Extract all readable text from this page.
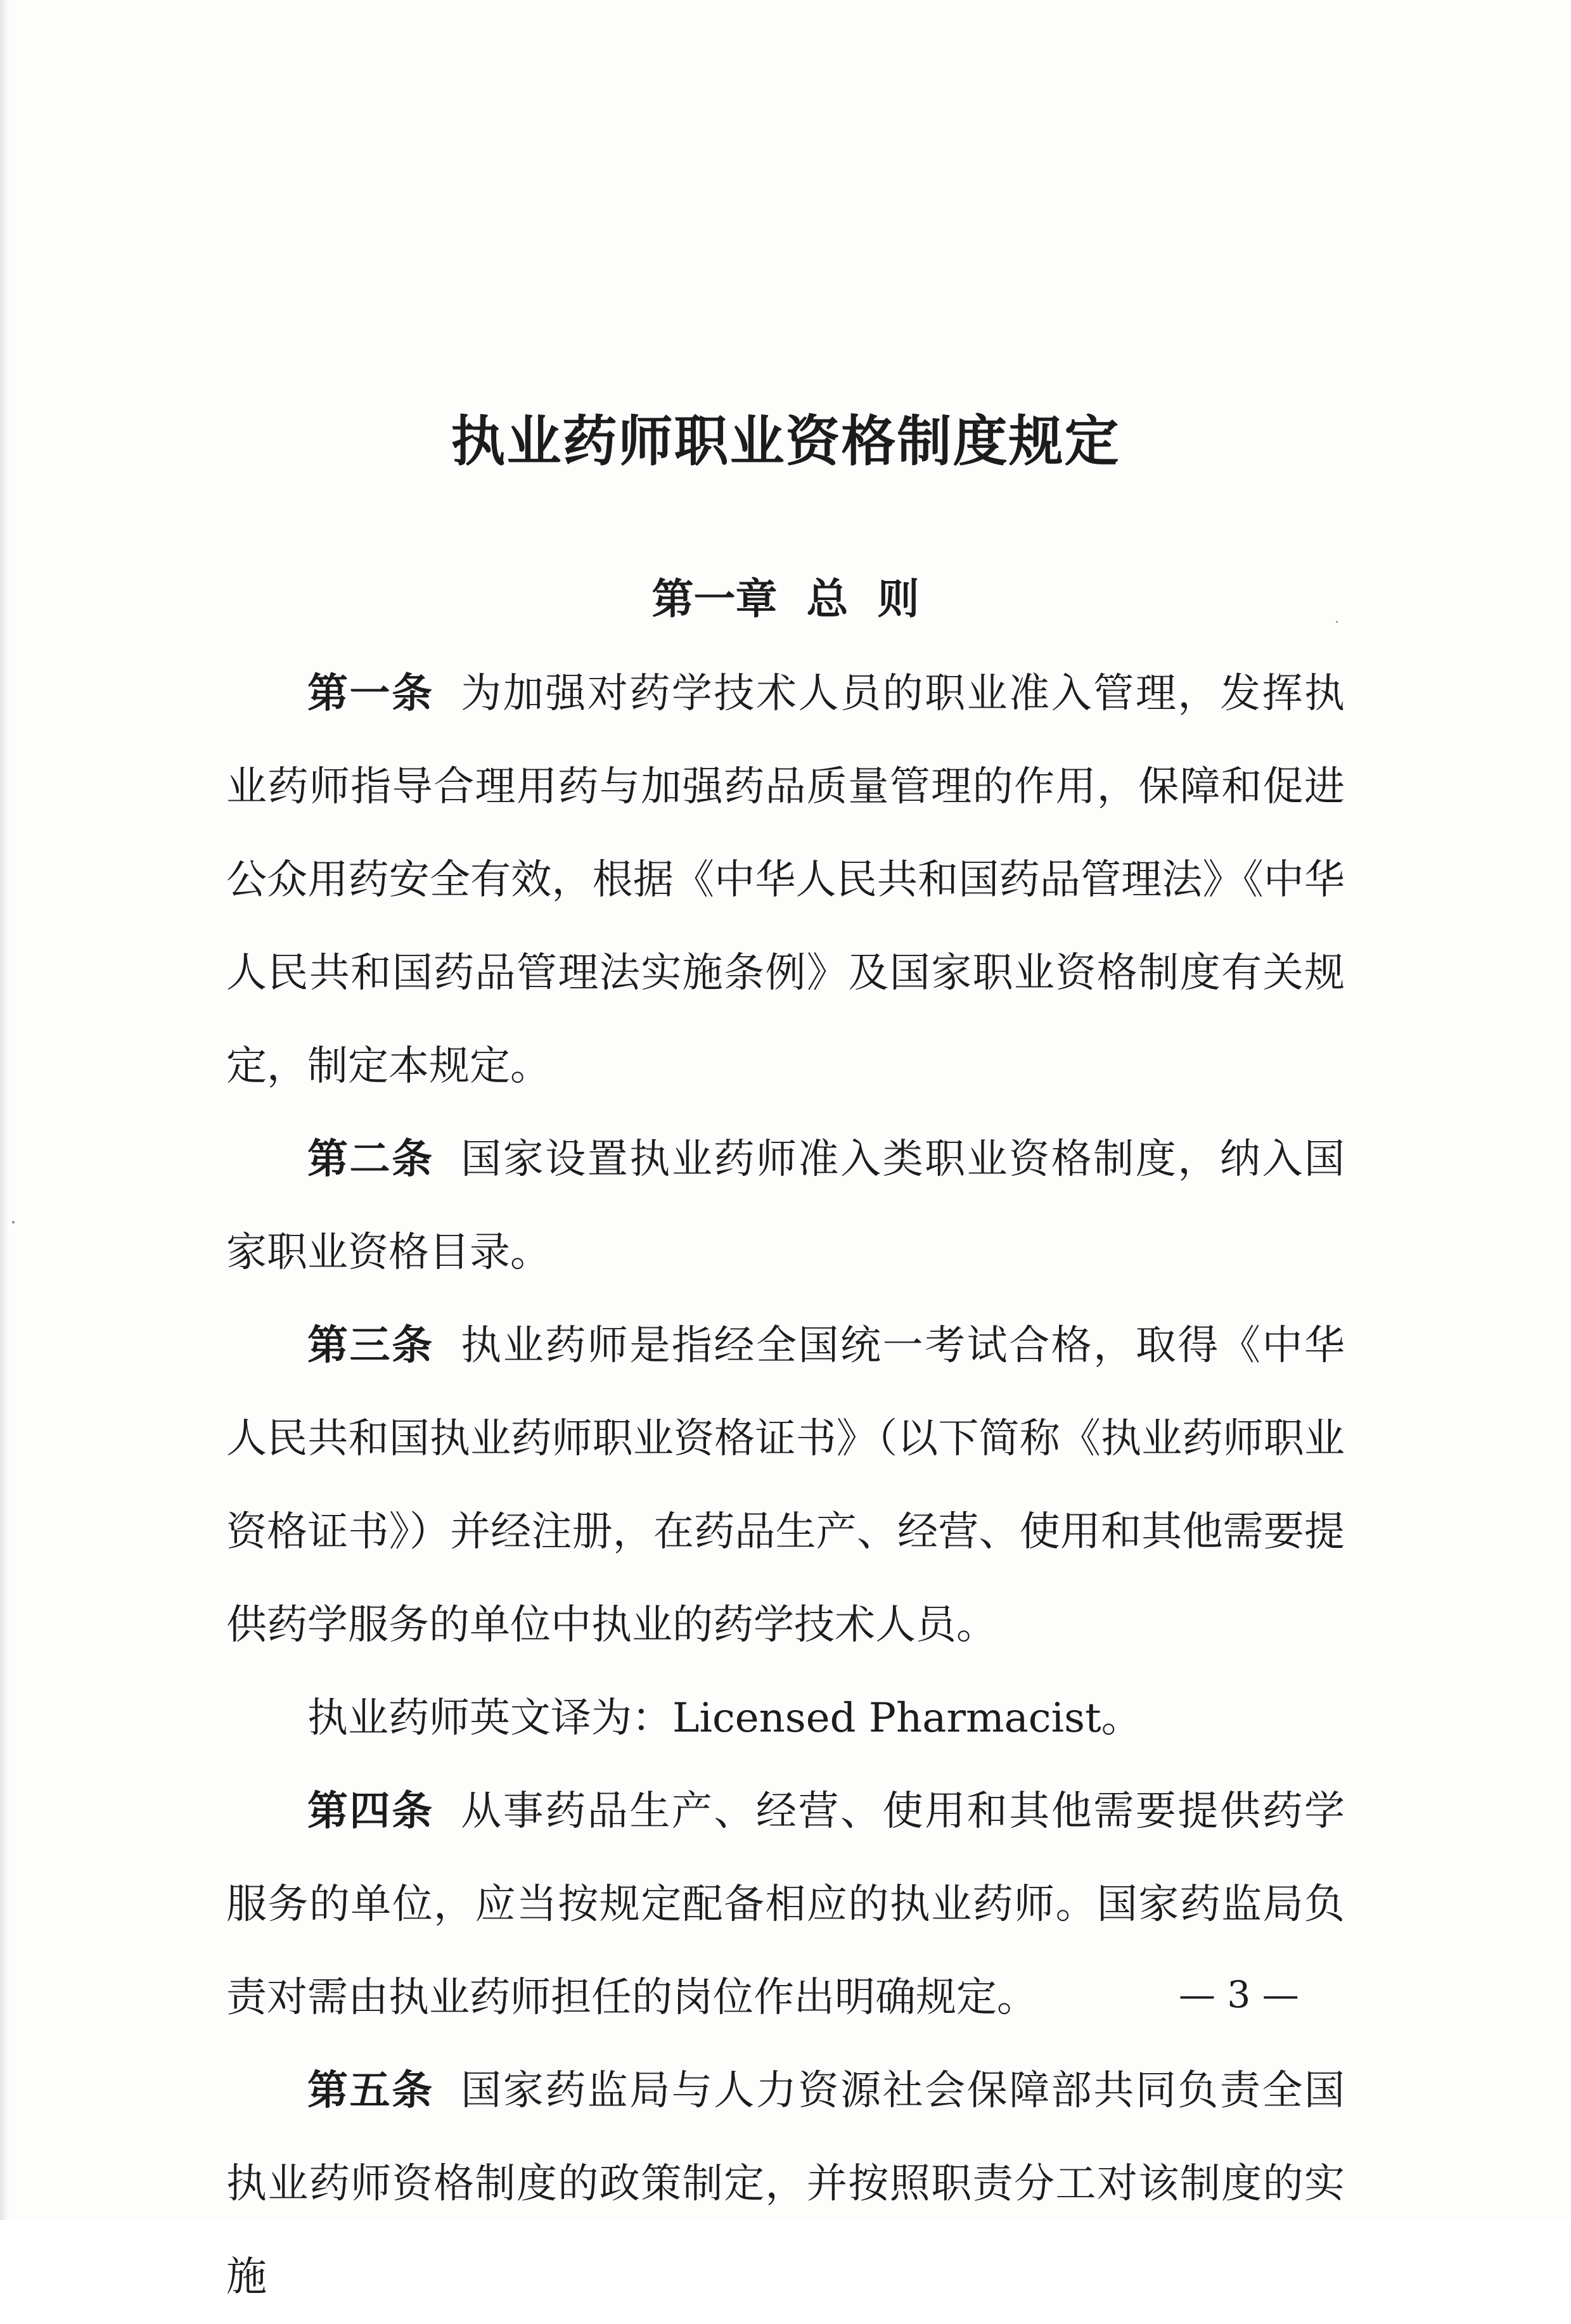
执业药师职业资格制度规定
第一章  总  则

第一条 为加强对药学技术人员的职业准入管理，发挥执业药师指导合理用药与加强药品质量管理的作用，保障和促进公众用药安全有效，根据《中华人民共和国药品管理法》《中华人民共和国药品管理法实施条例》及国家职业资格制度有关规定，制定本规定。

第二条 国家设置执业药师准入类职业资格制度，纳入国家职业资格目录。

第三条 执业药师是指经全国统一考试合格，取得《中华人民共和国执业药师职业资格证书》（以下简称《执业药师职业资格证书》）并经注册，在药品生产、经营、使用和其他需要提供药学服务的单位中执业的药学技术人员。

执业药师英文译为：Licensed Pharmacist。

第四条 从事药品生产、经营、使用和其他需要提供药学服务的单位，应当按规定配备相应的执业药师。国家药监局负责对需由执业药师担任的岗位作出明确规定。

第五条 国家药监局与人力资源社会保障部共同负责全国执业药师资格制度的政策制定，并按照职责分工对该制度的实施

— 3 —
